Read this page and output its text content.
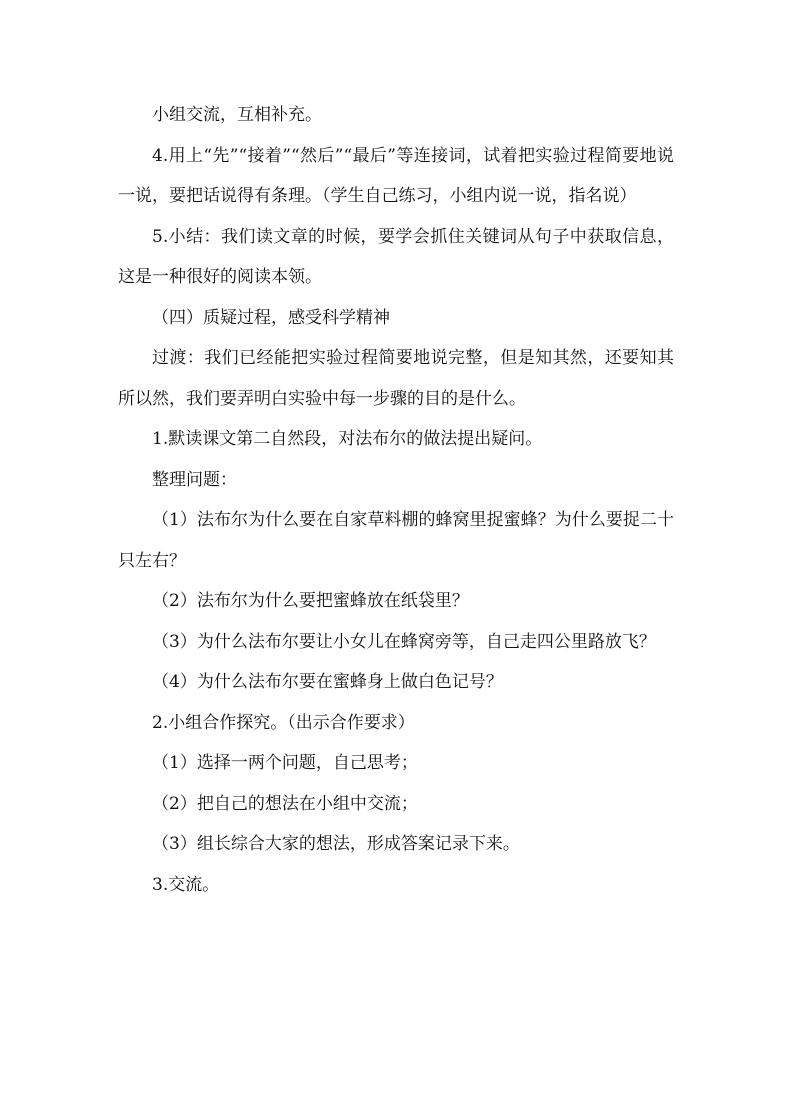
小组交流，互相补充。

4.用上“先”“接着”“然后”“最后”等连接词，试着把实验过程简要地说一说，要把话说得有条理。（学生自己练习，小组内说一说，指名说）

5.小结：我们读文章的时候，要学会抓住关键词从句子中获取信息，这是一种很好的阅读本领。

（四）质疑过程，感受科学精神

过渡：我们已经能把实验过程简要地说完整，但是知其然，还要知其所以然，我们要弄明白实验中每一步骤的目的是什么。

1.默读课文第二自然段，对法布尔的做法提出疑问。

整理问题：

（1）法布尔为什么要在自家草料棚的蜂窝里捉蜜蜂？为什么要捉二十只左右？

（2）法布尔为什么要把蜜蜂放在纸袋里？

（3）为什么法布尔要让小女儿在蜂窝旁等，自己走四公里路放飞？

（4）为什么法布尔要在蜜蜂身上做白色记号？

2.小组合作探究。（出示合作要求）

（1）选择一两个问题，自己思考；

（2）把自己的想法在小组中交流；

（3）组长综合大家的想法，形成答案记录下来。

3.交流。
